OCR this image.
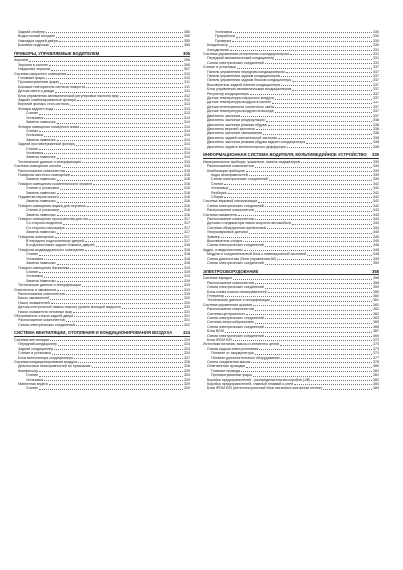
Задний спойлер	355
Водосточный молдинг	355
Накладка задней двери	355
Боковые подножки	355
ПРИБОРЫ, УПРАВЛЯЕМЫЕ ВОДИТЕЛЕМ	306
Зеркала	306
Зеркала в салоне	306
Наружные зеркала	307
Система наружного освещения	310
Головные фары	310
Противотуманные фары	311
Боковые повторители сигнала поворота	311
Датчик света и дождя	311
Блок управления автоматической регулировки наклона фар	312
Задние комбинированные фонари	312
Верхний фонарь стоп-сигнала	313
Фонари заднего хода	313
Снятие	313
Установка	314
Замена лампочек	314
Фонари освещения номерного знака	314
Снятие	314
Установка	314
Замена лампочек	314
Задний противотуманный фонарь	314
Снятие	314
Установка	314
Замена лампочек	314
Технические данные и спецификации	315
Система освещения салона	315
Расположение компонентов	315
Плафоны местного освещения	316
Замена лампочки	316
Плафон освещения косметического зеркала	316
Снятие и установка	316
Замена лампочки	316
Подсветка перчаточного	316
Замена лампочки	316
Плафон освещения ящика для перчаток	316
Снятие и установка	316
Замена лампочки	316
Плафон освещения пространства для ног	317
Со стороны водителя	317
Со стороны пассажира	317
Замена лампочки	317
Плафоны освещения	317
В передних подлокотниках дверей	317
В подлокотниках задних боковых дверей	318
Плафоны индивидуального освещения	318
Снятие	318
Установка	318
Замена лампочки	318
Плафон освещения багажника	319
Снятие	319
Установка	319
Замена лампочки	319
Технические данные и спецификации	319
Очистители и омыватели	319
Расположение компонентов	319
Бачок омывателей	320
Насос омывателей	320
Датчик контрольной лампы низкого уровня моющей жидкости	320
Насос омывателя головных фар	321
Обогреватель стекла задней двери	321
Расположение компонентов	321
Схема электрических соединений	322
СИСТЕМА ВЕНТИЛЯЦИИ, ОТОПЛЕНИЯ И КОНДИЦИОНИРОВАНИЯ ВОЗДУХА	324
Система вентиляции	324
Передний кондиционер	324
Задний кондиционер	324
Снятие и установка	324
Блок вентилятора кондиционера	327
Система кондиционирования воздуха	328
Диагностика неисправностей по признакам	328
Компрессор	329
Снятие	329
Установка	329
Магнитная муфта	329
Снятие	329
Установка	330
Приработка	330
Проверка	330
Конденсатор	330
Холодильник	331
Система управления отопителем и кондиционером	331
Передний автоматический кондиционер	331
Схема электрических соединений	331
Снятие и установка	337
Панель управления передним кондиционером	337
Панель управления задним кондиционером	337
Панель управления задним блоком кондиционера	337
Выключатель задней панели кондиционера	337
Блок управления автоматическим кондиционером	337
Регулятор кондиционера	337
Датчик температуры наружного воздуха	337
Датчик температуры воздуха в салоне	337
Датчик интенсивности солнечного света	337
Датчик температуры воздуха на выходе	337
Двигатель заслонки	337
Двигатель заслонки рециркуляции	338
Двигатель заслонки режима обдува	338
Двигатель верхней заслонки	338
Двигатель заслонки смешивания	338
Двигатель задней смесительной заслонки	338
Двигатель заслонки режима обдува заднего кондиционера	338
Двигатель заднего вентиляторного диффузора	338
ИНФОРМАЦИОННАЯ СИСТЕМА ВОДИТЕЛЯ, МУЛЬТИМЕДИЙНОЕ УСТРОЙСТВО	339
Измерительные приборы, указатели, панель индикаторов	339
Расположение компонентов	339
Комбинация приборов	339
Коды неисправностей	339
Схема электрических соединений	340
Снятие	342
Установка	342
Разборка	342
Сборка	342
Система звуковой сигнализации	342
Схема электрических соединений	342
Расположение компонентов	343
Система омывателя	343
Расположение компонентов	343
Датчики и индикаторы связи скорости автомобиля	344
Система обнаружения препятствий	344
Ультразвуковые датчики	345
Зуммер	345
Выключатель сонара	345
Схема электрических соединений	346
Аудио- и видеосистемы	348
Модули и соединительный блок с навигационной системой	348
Схема диагностики (блок управления AV)	349
Схема электрических соединений	350
ЭЛЕКТРООБОРУДОВАНИЕ	358
Система зарядки	358
Расположение компонентов	358
Схема электрических соединений	359
Блок-схема поиска неисправностей	359
Генератор	360
Технические данные и спецификации	361
Система управления кузовом	362
Расположение компонентов	362
Система центрального	362
Схема электрических соединений	363
Система энергосбережения	365
Схема электрических соединений	365
Блок BCM	367
Схема электрических соединений	369
Блок IPDM E/R	372
Источники питания, массы и элементы цепей	373
Схема подачи электропитания	373
Питание от аккумулятора	373
Питание дополнительного оборудования	377
Схема соединения массы	378
Ответвления проводки	380
Главные провода	381
Противотуманные фары	381
Коробка предохранителей - распределительная коробка (J/B)	382
Коробка предохранителей, главный плавкий и реле	383
Блок IPDM E/R (интеллектуальный блок питания в моторном отсеке)	384
